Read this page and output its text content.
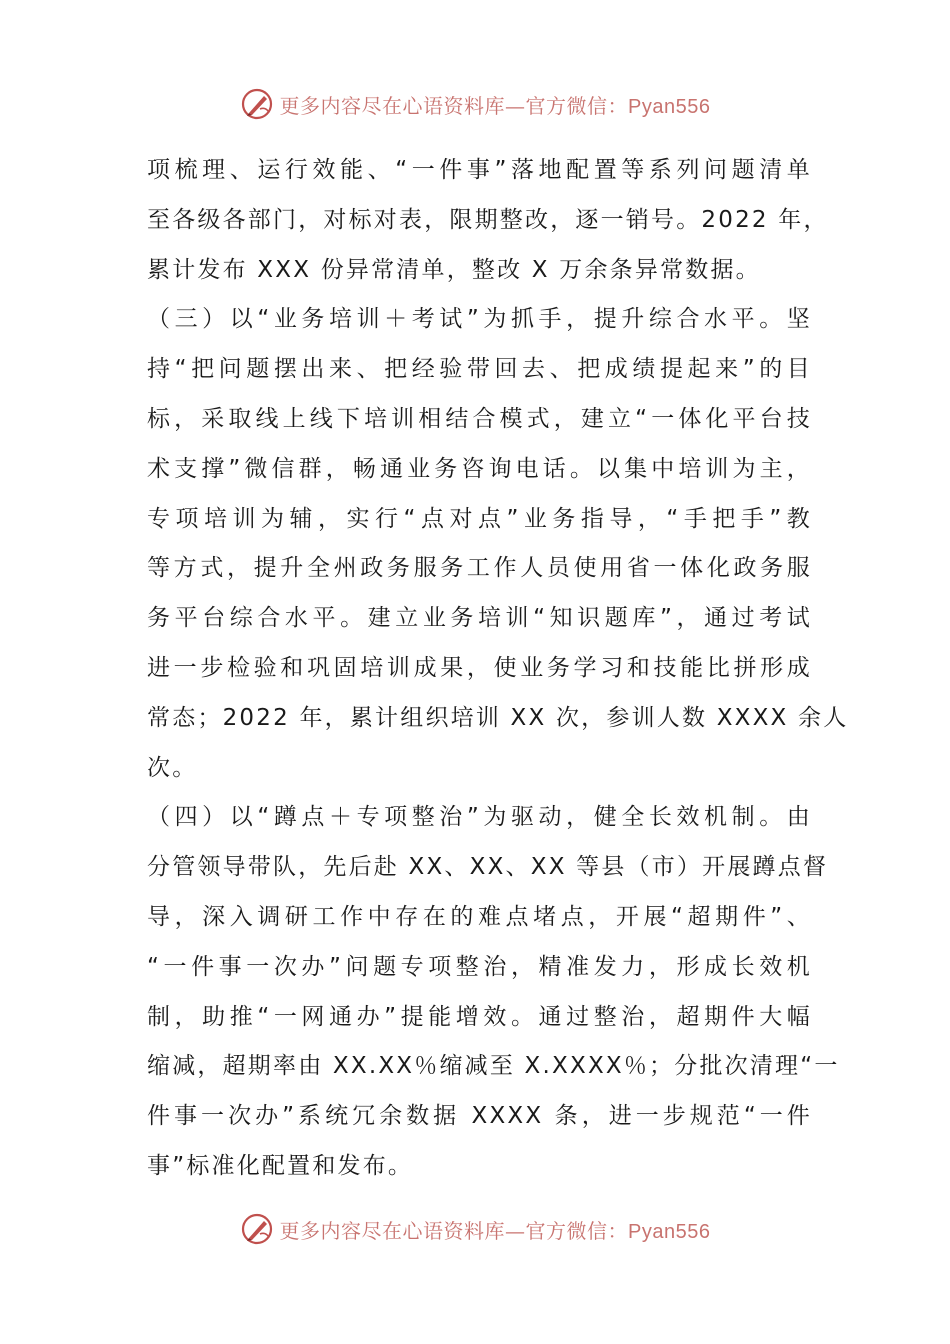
更多内容尽在心语资料库—官方微信：Pyan556

项梳理、运行效能、“一件事”落地配置等系列问题清单
至各级各部门，对标对表，限期整改，逐一销号。2022 年，
累计发布 XXX 份异常清单，整改 X 万余条异常数据。

（三）以“业务培训＋考试”为抓手，提升综合水平。坚
持“把问题摆出来、把经验带回去、把成绩提起来”的目
标，采取线上线下培训相结合模式，建立“一体化平台技
术支撑”微信群，畅通业务咨询电话。以集中培训为主，
专项培训为辅，实行“点对点”业务指导，“手把手”教
等方式，提升全州政务服务工作人员使用省一体化政务服
务平台综合水平。建立业务培训“知识题库”，通过考试
进一步检验和巩固培训成果，使业务学习和技能比拼形成
常态；2022 年，累计组织培训 XX 次，参训人数 XXXX 余人
次。

（四）以“蹲点＋专项整治”为驱动，健全长效机制。由
分管领导带队，先后赴 XX、XX、XX 等县（市）开展蹲点督
导，深入调研工作中存在的难点堵点，开展“超期件”、
“一件事一次办”问题专项整治，精准发力，形成长效机
制，助推“一网通办”提能增效。通过整治，超期件大幅
缩减，超期率由 XX.XX％缩减至 X.XXXX％；分批次清理“一
件事一次办”系统冗余数据 XXXX 条，进一步规范“一件
事”标准化配置和发布。

更多内容尽在心语资料库—官方微信：Pyan556
